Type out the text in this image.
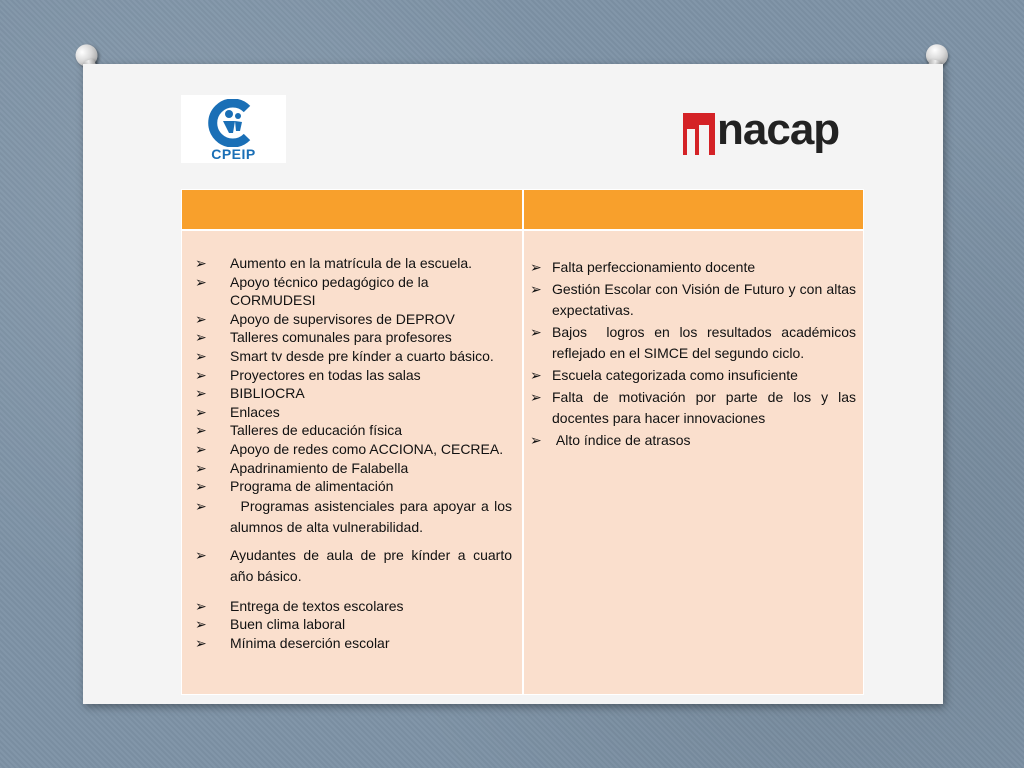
CPEIP	nacap
➢ Aumento en la matrícula de la escuela.
➢ Apoyo técnico pedagógico de la CORMUDESI
➢ Apoyo de supervisores de DEPROV
➢ Talleres comunales para profesores
➢ Smart tv desde pre kínder a cuarto básico.
➢ Proyectores en todas las salas
➢ BIBLIOCRA
➢ Enlaces
➢ Talleres de educación física
➢ Apoyo de redes como ACCIONA, CECREA.
➢ Apadrinamiento de Falabella
➢ Programa de alimentación
➢ Programas asistenciales para apoyar a los alumnos de alta vulnerabilidad.
➢ Ayudantes de aula de pre kínder a cuarto año básico.
➢ Entrega de textos escolares
➢ Buen clima laboral
➢ Mínima deserción escolar
➢ Falta perfeccionamiento docente
➢ Gestión Escolar con Visión de Futuro y con altas expectativas.
➢ Bajos  logros en los resultados académicos reflejado en el SIMCE del segundo ciclo.
➢ Escuela categorizada como insuficiente
➢ Falta de motivación por parte de los y las docentes para hacer innovaciones
➢ Alto índice de atrasos
